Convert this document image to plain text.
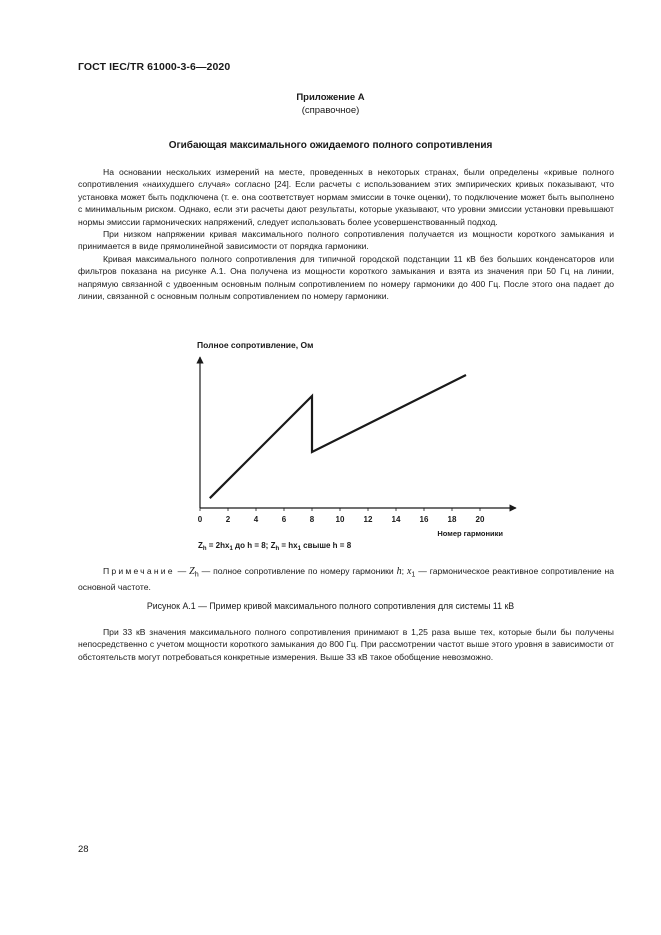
ГОСТ IEC/TR 61000-3-6—2020
Приложение А
(справочное)
Огибающая максимального ожидаемого полного сопротивления

На основании нескольких измерений на месте, проведенных в некоторых странах, были определены «кривые полного сопротивления «наихудшего случая» согласно [24]. Если расчеты с использованием этих эмпирических кривых показывают, что установка может быть подключена (т. е. она соответствует нормам эмиссии в точке оценки), то подключение может быть выполнено с минимальным риском. Однако, если эти расчеты дают результаты, которые указывают, что уровни эмиссии установки превышают нормы эмиссии гармонических напряжений, следует использовать более усовершенствованный подход.

При низком напряжении кривая максимального полного сопротивления получается из мощности короткого замыкания и принимается в виде прямолинейной зависимости от порядка гармоники.

Кривая максимального полного сопротивления для типичной городской подстанции 11 кВ без больших конденсаторов или фильтров показана на рисунке А.1. Она получена из мощности короткого замыкания и взята из значения при 50 Гц на линии, напрямую связанной с удвоенным основным полным сопротивлением по номеру гармоники до 400 Гц. После этого она падает до линии, связанной с основным полным сопротивлением по номеру гармоники.

Полное сопротивление, Ом
0	2	4	6	8	10 12 14 16 18 20
Номер гармоники
$Z_h = 2hx_1$ до h = 8; $Z_h = hx_1$ свыше h = 8
Примечание — $Z_h$ — полное сопротивление по номеру гармоники h; $x_1$ — гармоническое реактивное сопротивление на основной частоте.
Рисунок А.1 — Пример кривой максимального полного сопротивления для системы 11 кВ

При 33 кВ значения максимального полного сопротивления принимают в 1,25 раза выше тех, которые были бы получены непосредственно с учетом мощности короткого замыкания до 800 Гц. При рассмотрении частот выше этого уровня в зависимости от обстоятельств могут потребоваться конкретные измерения. Выше 33 кВ такое обобщение невозможно.

28
